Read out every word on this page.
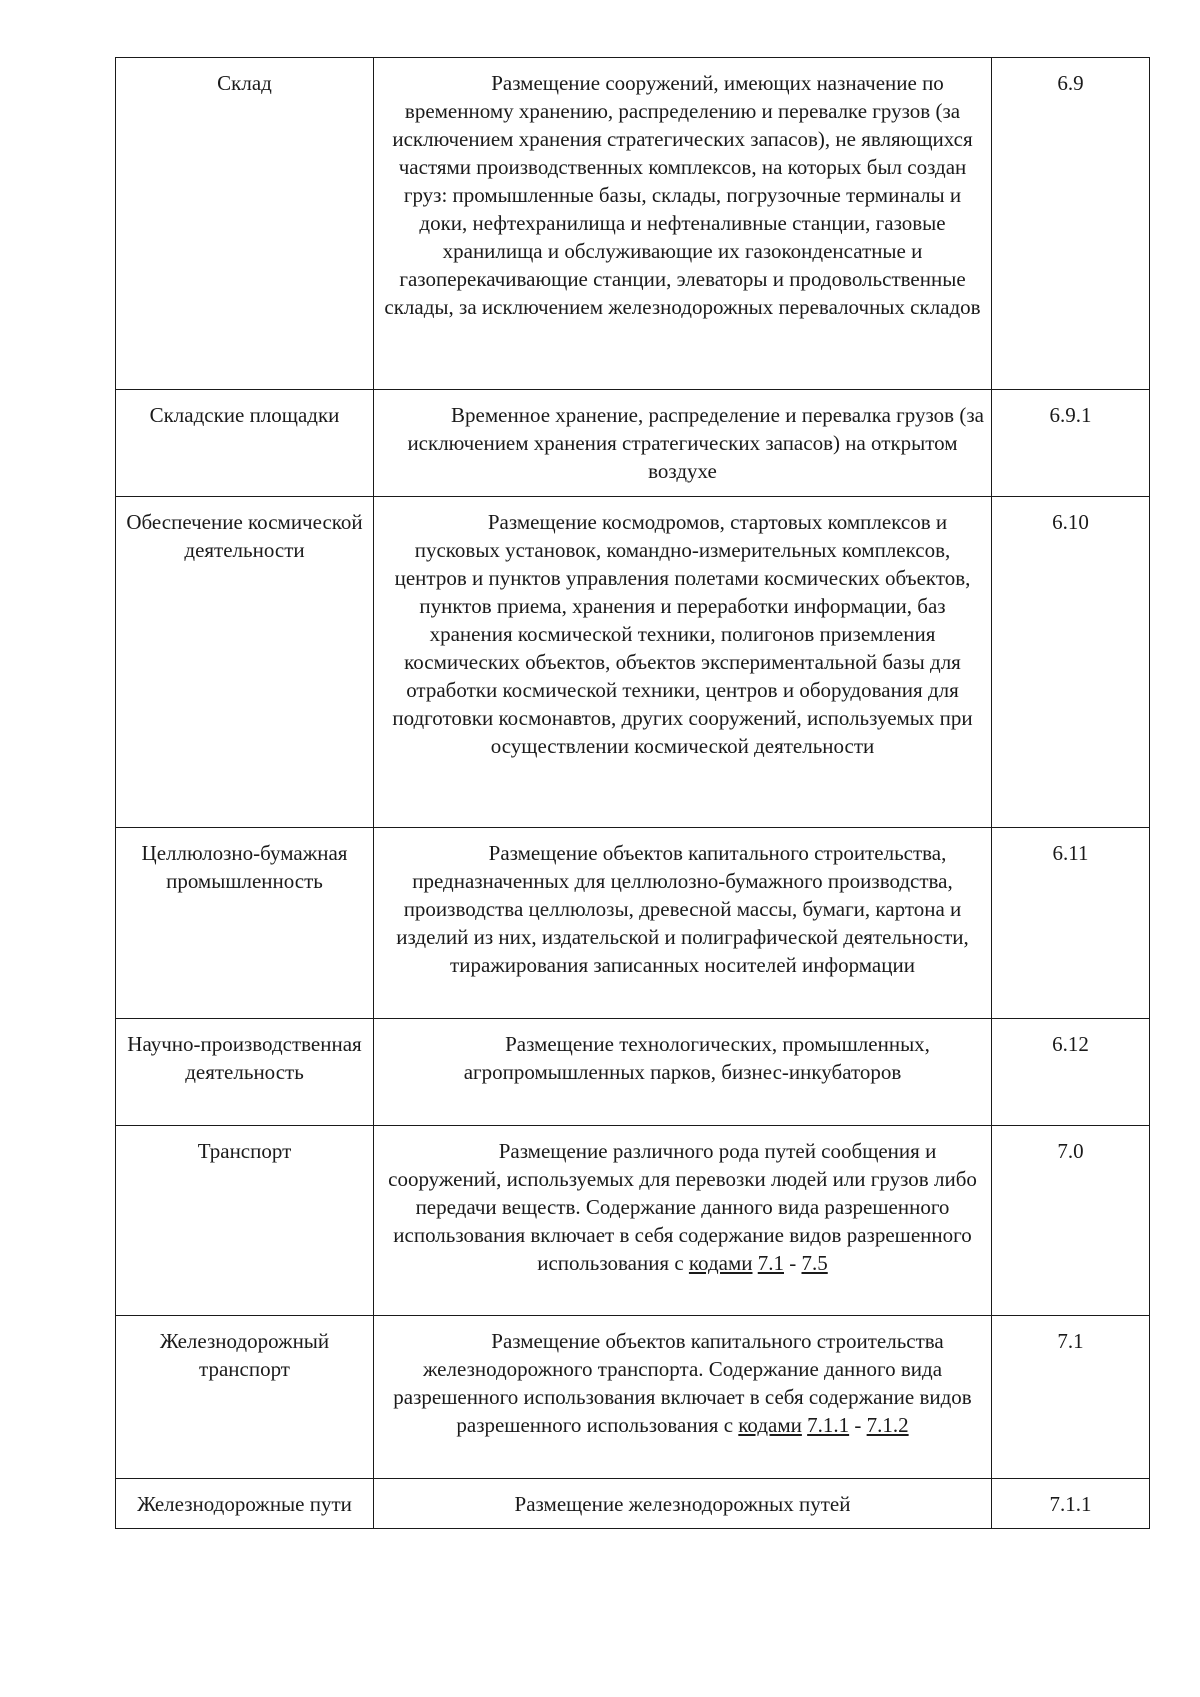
Склад	Размещение сооружений, имеющих назначение по временному хранению, распределению и перевалке грузов (за исключением хранения стратегических запасов), не являющихся частями производственных комплексов, на которых был создан груз: промышленные базы, склады, погрузочные терминалы и доки, нефтехранилища и нефтеналивные станции, газовые хранилища и обслуживающие их газоконденсатные и газоперекачивающие станции, элеваторы и продовольственные склады, за исключением железнодорожных перевалочных складов	6.9
Складские площадки	Временное хранение, распределение и перевалка грузов (за исключением хранения стратегических запасов) на открытом воздухе	6.9.1
Обеспечение космической деятельности	Размещение космодромов, стартовых комплексов и пусковых установок, командно-измерительных комплексов, центров и пунктов управления полетами космических объектов, пунктов приема, хранения и переработки информации, баз хранения космической техники, полигонов приземления космических объектов, объектов экспериментальной базы для отработки космической техники, центров и оборудования для подготовки космонавтов, других сооружений, используемых при осуществлении космической деятельности	6.10
Целлюлозно-бумажная промышленность	Размещение объектов капитального строительства, предназначенных для целлюлозно-бумажного производства, производства целлюлозы, древесной массы, бумаги, картона и изделий из них, издательской и полиграфической деятельности, тиражирования записанных носителей информации	6.11
Научно-производственная деятельность	Размещение технологических, промышленных, агропромышленных парков, бизнес-инкубаторов	6.12
Транспорт	Размещение различного рода путей сообщения и сооружений, используемых для перевозки людей или грузов либо передачи веществ. Содержание данного вида разрешенного использования включает в себя содержание видов разрешенного использования с кодами 7.1 - 7.5	7.0
Железнодорожный транспорт	Размещение объектов капитального строительства железнодорожного транспорта. Содержание данного вида разрешенного использования включает в себя содержание видов разрешенного использования с кодами 7.1.1 - 7.1.2	7.1
Железнодорожные пути	Размещение железнодорожных путей	7.1.1
